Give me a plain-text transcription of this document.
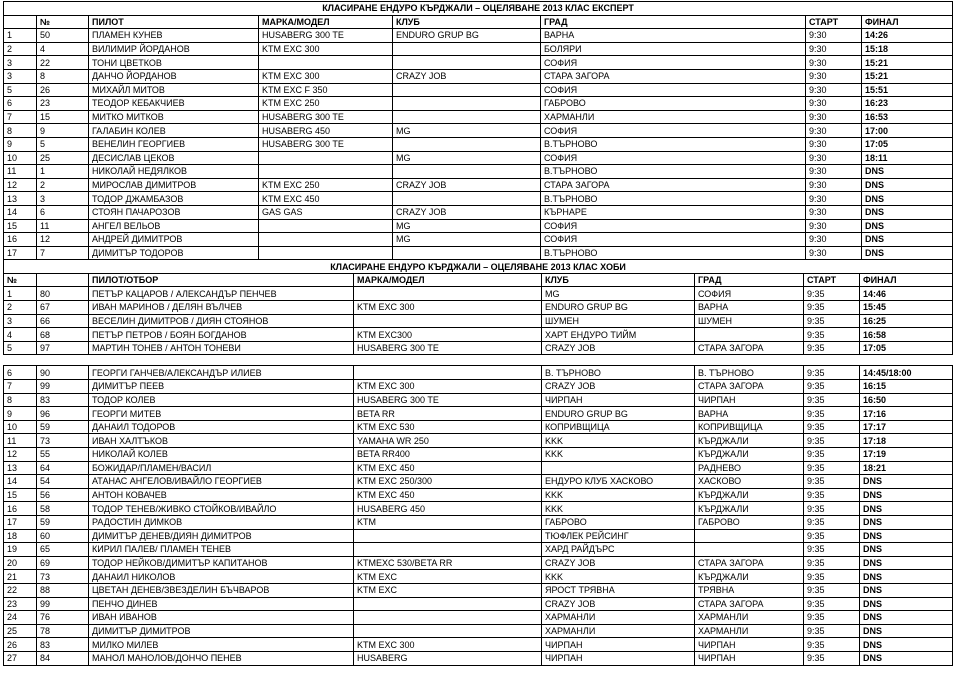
КЛАСИРАНЕ ЕНДУРО КЪРДЖАЛИ – ОЦЕЛЯВАНЕ 2013 КЛАС ЕКСПЕРТ							
	№	ПИЛОТ	МАРКА/МОДЕЛ	КЛУБ	ГРАД	СТАРТ	ФИНАЛ
1	50	ПЛАМЕН КУНЕВ	HUSABERG 300 TE	ENDURO GRUP BG	ВАРНА	9:30	14:26
2	4	ВИЛИМИР ЙОРДАНОВ	KTM EXC 300		БОЛЯРИ	9:30	15:18
3	22	ТОНИ ЦВЕТКОВ			СОФИЯ	9:30	15:21
3	8	ДАНЧО ЙОРДАНОВ	KTM EXC 300	CRAZY JOB	СТАРА ЗАГОРА	9:30	15:21
5	26	МИХАЙЛ МИТОВ	KTM EXC F 350		СОФИЯ	9:30	15:51
6	23	ТЕОДОР КЕБАКЧИЕВ	KTM EXC 250		ГАБРОВО	9:30	16:23
7	15	МИТКО МИТКОВ	HUSABERG 300 TE		ХАРМАНЛИ	9:30	16:53
8	9	ГАЛАБИН КОЛЕВ	HUSABERG 450	MG	СОФИЯ	9:30	17:00
9	5	ВЕНЕЛИН ГЕОРГИЕВ	HUSABERG 300 TE		В.ТЪРНОВО	9:30	17:05
10	25	ДЕСИСЛАВ ЦЕКОВ		MG	СОФИЯ	9:30	18:11
11	1	НИКОЛАЙ НЕДЯЛКОВ			В.ТЪРНОВО	9:30	DNS
12	2	МИРОСЛАВ ДИМИТРОВ	KTM EXC 250	CRAZY JOB	СТАРА ЗАГОРА	9:30	DNS
13	3	ТОДОР ДЖАМБАЗОВ	KTM EXC 450		В.ТЪРНОВО	9:30	DNS
14	6	СТОЯН ПАЧАРОЗОВ	GAS GAS	CRAZY JOB	КЪРНАРЕ	9:30	DNS
15	11	АНГЕЛ ВЕЛЬОВ		MG	СОФИЯ	9:30	DNS
16	12	АНДРЕЙ ДИМИТРОВ		MG	СОФИЯ	9:30	DNS
17	7	ДИМИТЪР ТОДОРОВ			В.ТЪРНОВО	9:30	DNS
КЛАСИРАНЕ ЕНДУРО КЪРДЖАЛИ – ОЦЕЛЯВАНЕ 2013 КЛАС ХОБИ							
№		ПИЛОТ/ОТБОР	МАРКА/МОДЕЛ	КЛУБ	ГРАД	СТАРТ	ФИНАЛ
1	80	ПЕТЪР КАЦАРОВ / АЛЕКСАНДЪР ПЕНЧЕВ		MG	СОФИЯ	9:35	14:46
2	67	ИВАН МАРИНОВ / ДЕЛЯН ВЪЛЧЕВ	KTM EXC 300	ENDURO GRUP BG	ВАРНА	9:35	15:45
3	66	ВЕСЕЛИН ДИМИТРОВ / ДИЯН СТОЯНОВ		ШУМЕН	ШУМЕН	9:35	16:25
4	68	ПЕТЪР ПЕТРОВ / БОЯН БОГДАНОВ	KTM EXC300	ХАРТ ЕНДУРО ТИЙМ		9:35	16:58
5	97	МАРТИН ТОНЕВ / АНТОН ТОНЕВИ	HUSABERG 300 TE	CRAZY JOB	СТАРА ЗАГОРА	9:35	17:05

6	90	ГЕОРГИ ГАНЧЕВ/АЛЕКСАНДЪР ИЛИЕВ		В. ТЪРНОВО	В. ТЪРНОВО	9:35	14:45/18:00
7	99	ДИМИТЪР ПЕЕВ	KTM EXC 300	CRAZY JOB	СТАРА ЗАГОРА	9:35	16:15
8	83	ТОДОР КОЛЕВ	HUSABERG 300 TE	ЧИРПАН	ЧИРПАН	9:35	16:50
9	96	ГЕОРГИ МИТЕВ	BETA RR	ENDURO GRUP BG	ВАРНА	9:35	17:16
10	59	ДАНАИЛ ТОДОРОВ	KTM EXC 530	КОПРИВЩИЦА	КОПРИВЩИЦА	9:35	17:17
11	73	ИВАН ХАЛТЪКОВ	YAMAHA WR 250	KKK	КЪРДЖАЛИ	9:35	17:18
12	55	НИКОЛАЙ КОЛЕВ	BETA RR400	KKK	КЪРДЖАЛИ	9:35	17:19
13	64	БОЖИДАР/ПЛАМЕН/ВАСИЛ	KTM EXC 450		РАДНЕВО	9:35	18:21
14	54	АТАНАС АНГЕЛОВ/ИВАЙЛО ГЕОРГИЕВ	KTM EXC 250/300	ЕНДУРО КЛУБ ХАСКОВО	ХАСКОВО	9:35	DNS
15	56	АНТОН КОВАЧЕВ	KTM EXC 450	KKK	КЪРДЖАЛИ	9:35	DNS
16	58	ТОДОР ТЕНЕВ/ЖИВКО СТОЙКОВ/ИВАЙЛО	HUSABERG 450	KKK	КЪРДЖАЛИ	9:35	DNS
17	59	РАДОСТИН ДИМКОВ	KTM	ГАБРОВО	ГАБРОВО	9:35	DNS
18	60	ДИМИТЪР ДЕНЕВ/ДИЯН ДИМИТРОВ		ТЮФЛЕК РЕЙСИНГ		9:35	DNS
19	65	КИРИЛ ПАЛЕВ/ ПЛАМЕН ТЕНЕВ		ХАРД РАЙДЪРС		9:35	DNS
20	69	ТОДОР НЕЙКОВ/ДИМИТЪР КАПИТАНОВ	KTMEXC 530/BETA RR	CRAZY JOB	СТАРА ЗАГОРА	9:35	DNS
21	73	ДАНАИЛ НИКОЛОВ	KTM EXC	KKK	КЪРДЖАЛИ	9:35	DNS
22	88	ЦВЕТАН ДЕНЕВ/ЗВЕЗДЕЛИН БЪЧВАРОВ	KTM EXC	ЯРОСТ ТРЯВНА	ТРЯВНА	9:35	DNS
23	99	ПЕНЧО ДИНЕВ		CRAZY JOB	СТАРА ЗАГОРА	9:35	DNS
24	76	ИВАН ИВАНОВ		ХАРМАНЛИ	ХАРМАНЛИ	9:35	DNS
25	78	ДИМИТЪР ДИМИТРОВ		ХАРМАНЛИ	ХАРМАНЛИ	9:35	DNS
26	83	МИЛКО МИЛЕВ	KTM EXC 300	ЧИРПАН	ЧИРПАН	9:35	DNS
27	84	МАНОЛ МАНОЛОВ/ДОНЧО ПЕНЕВ	HUSABERG	ЧИРПАН	ЧИРПАН	9:35	DNS
